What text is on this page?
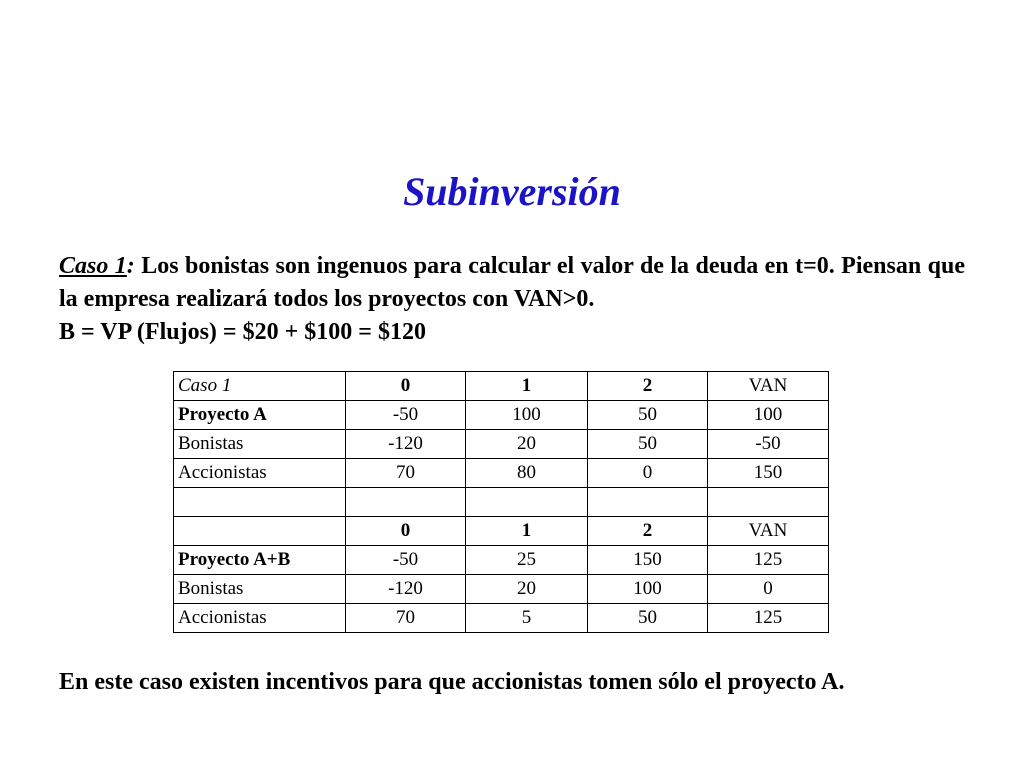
Subinversión
Caso 1: Los bonistas son ingenuos para calcular el valor de la deuda en t=0. Piensan que la empresa realizará todos los proyectos con VAN>0.
B = VP (Flujos) = $20 + $100 = $120
Caso 1	0	1	2	VAN
Proyecto A	-50	100	50	100
Bonistas	-120	20	50	-50
Accionistas	70	80	0	150

	0	1	2	VAN
Proyecto A+B	-50	25	150	125
Bonistas	-120	20	100	0
Accionistas	70	5	50	125

En este caso existen incentivos para que accionistas tomen sólo el proyecto A.
